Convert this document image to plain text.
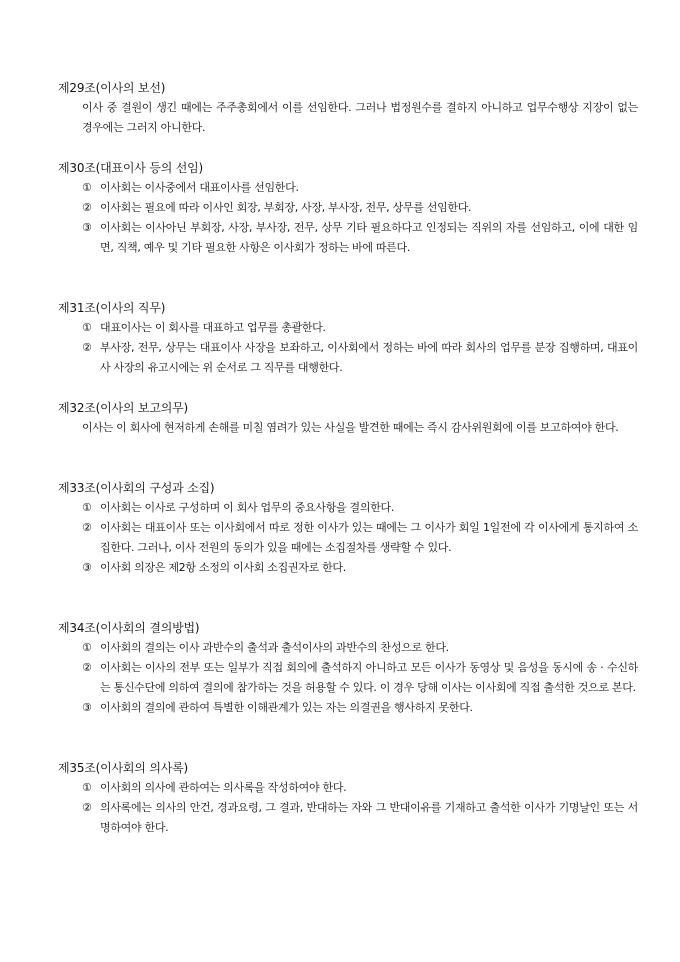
제29조(이사의 보선)
이사 중 결원이 생긴 때에는 주주총회에서 이를 선임한다. 그러나 법정원수를 결하지 아니하고 업무수행상 지장이 없는 경우에는 그러지 아니한다.
제30조(대표이사 등의 선임)
① 이사회는 이사중에서 대표이사를 선임한다.
② 이사회는 필요에 따라 이사인 회장, 부회장, 사장, 부사장, 전무, 상무를 선임한다.
③ 이사회는 이사아닌 부회장, 사장, 부사장, 전무, 상무 기타 필요하다고 인정되는 직위의 자를 선임하고, 이에 대한 임면, 직책, 예우 및 기타 필요한 사항은 이사회가 정하는 바에 따른다.
제31조(이사의 직무)
① 대표이사는 이 회사를 대표하고 업무를 총괄한다.
② 부사장, 전무, 상무는 대표이사 사장을 보좌하고, 이사회에서 정하는 바에 따라 회사의 업무를 분장 집행하며, 대표이사 사장의 유고시에는 위 순서로 그 직무를 대행한다.
제32조(이사의 보고의무)
이사는 이 회사에 현저하게 손해를 미칠 염려가 있는 사실을 발견한 때에는 즉시 감사위원회에 이를 보고하여야 한다.
제33조(이사회의 구성과 소집)
① 이사회는 이사로 구성하며 이 회사 업무의 중요사항을 결의한다.
② 이사회는 대표이사 또는 이사회에서 따로 정한 이사가 있는 때에는 그 이사가 회일 1일전에 각 이사에게 통지하여 소집한다. 그러나, 이사 전원의 동의가 있을 때에는 소집절차를 생략할 수 있다.
③ 이사회 의장은 제2항 소정의 이사회 소집권자로 한다.
제34조(이사회의 결의방법)
① 이사회의 결의는 이사 과반수의 출석과 출석이사의 과반수의 찬성으로 한다.
② 이사회는 이사의 전부 또는 일부가 직접 회의에 출석하지 아니하고 모든 이사가 동영상 및 음성을 동시에 송 · 수신하는 통신수단에 의하여 결의에 참가하는 것을 허용할 수 있다. 이 경우 당해 이사는 이사회에 직접 출석한 것으로 본다.
③ 이사회의 결의에 관하여 특별한 이해관계가 있는 자는 의결권을 행사하지 못한다.
제35조(이사회의 의사록)
① 이사회의 의사에 관하여는 의사록을 작성하여야 한다.
② 의사록에는 의사의 안건, 경과요령, 그 결과, 반대하는 자와 그 반대이유를 기재하고 출석한 이사가 기명날인 또는 서명하여야 한다.
